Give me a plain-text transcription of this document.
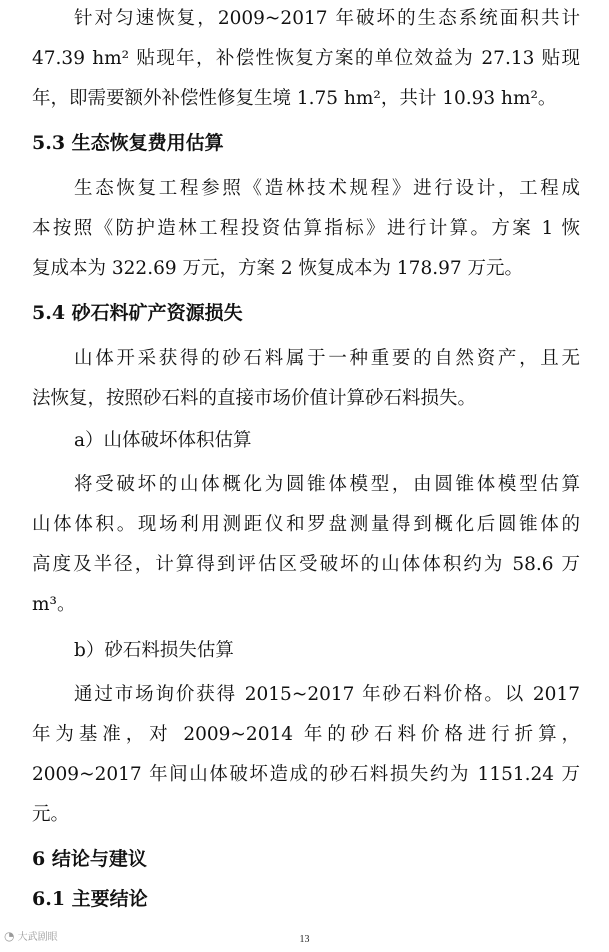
针对匀速恢复，2009~2017 年破坏的生态系统面积共计
47.39 hm² 贴现年，补偿性恢复方案的单位效益为 27.13 贴现
年，即需要额外补偿性修复生境 1.75 hm²，共计 10.93 hm²。
5.3 生态恢复费用估算
生态恢复工程参照《造林技术规程》进行设计，工程成
本按照《防护造林工程投资估算指标》进行计算。方案 1 恢
复成本为 322.69 万元，方案 2 恢复成本为 178.97 万元。
5.4 砂石料矿产资源损失
山体开采获得的砂石料属于一种重要的自然资产，且无
法恢复，按照砂石料的直接市场价值计算砂石料损失。
a）山体破坏体积估算
将受破坏的山体概化为圆锥体模型，由圆锥体模型估算
山体体积。现场利用测距仪和罗盘测量得到概化后圆锥体的
高度及半径，计算得到评估区受破坏的山体体积约为 58.6 万
m³。
b）砂石料损失估算
通过市场询价获得 2015~2017 年砂石料价格。以 2017
年为基准，对 2009~2014 年的砂石料价格进行折算，
2009~2017 年间山体破坏造成的砂石料损失约为 1151.24 万
元。
6 结论与建议
6.1 主要结论
13
◔ 大武剧眼
